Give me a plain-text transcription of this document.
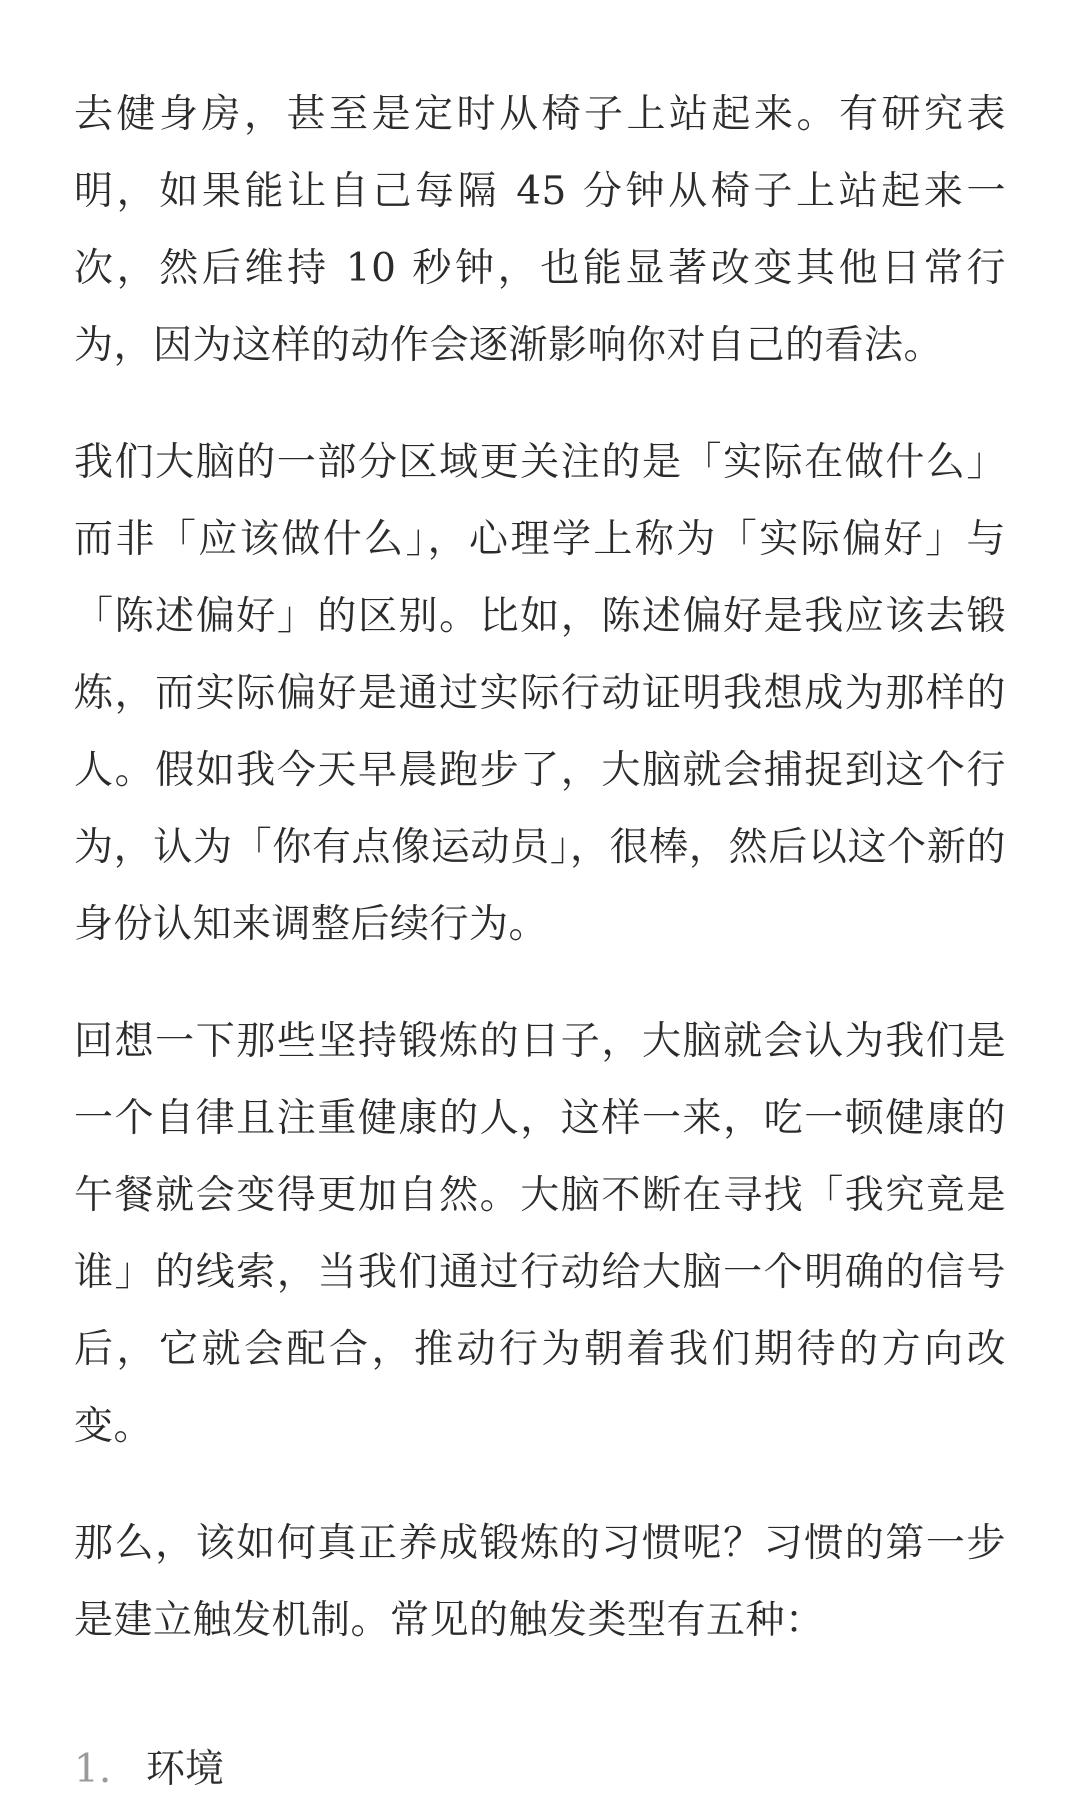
去健身房，甚至是定时从椅子上站起来。有研究表明，如果能让自己每隔 45 分钟从椅子上站起来一次，然后维持 10 秒钟，也能显著改变其他日常行为，因为这样的动作会逐渐影响你对自己的看法。

我们大脑的一部分区域更关注的是「实际在做什么」而非「应该做什么」，心理学上称为「实际偏好」与「陈述偏好」的区别。比如，陈述偏好是我应该去锻炼，而实际偏好是通过实际行动证明我想成为那样的人。假如我今天早晨跑步了，大脑就会捕捉到这个行为，认为「你有点像运动员」，很棒，然后以这个新的身份认知来调整后续行为。

回想一下那些坚持锻炼的日子，大脑就会认为我们是一个自律且注重健康的人，这样一来，吃一顿健康的午餐就会变得更加自然。大脑不断在寻找「我究竟是谁」的线索，当我们通过行动给大脑一个明确的信号后，它就会配合，推动行为朝着我们期待的方向改变。

那么，该如何真正养成锻炼的习惯呢？习惯的第一步是建立触发机制。常见的触发类型有五种：

1. 环境
